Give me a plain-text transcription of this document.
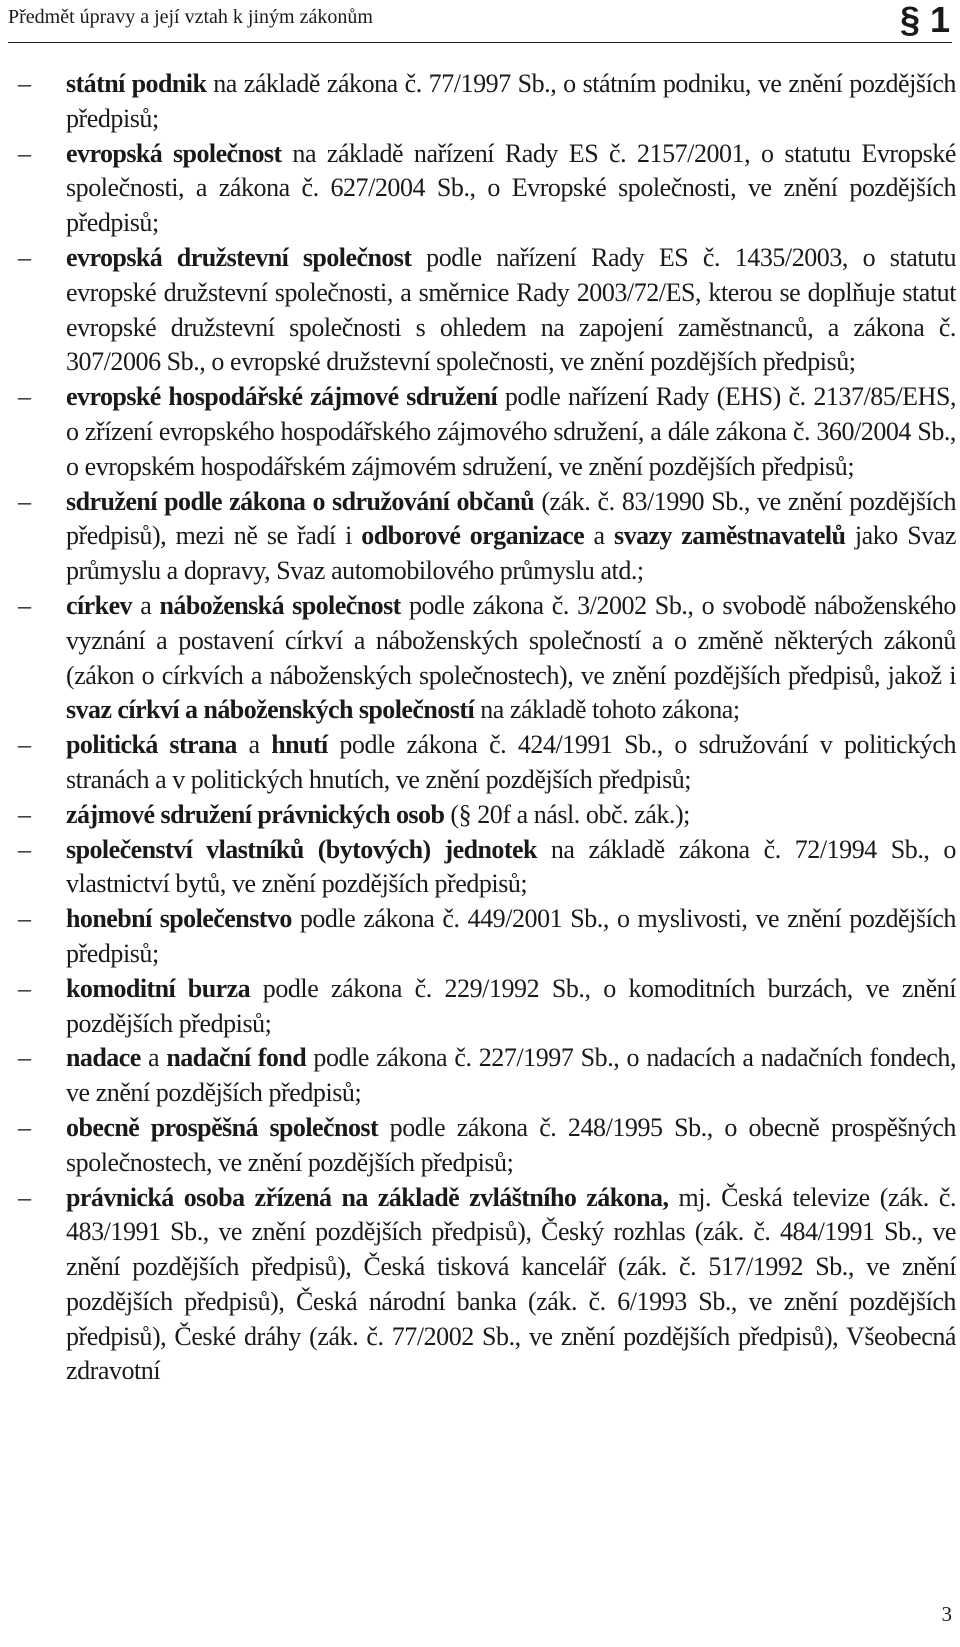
Předmět úpravy a její vztah k jiným zákonům	§ 1
–	státní podnik na základě zákona č. 77/1997 Sb., o státním podniku, ve znění pozdějších předpisů;
–	evropská společnost na základě nařízení Rady ES č. 2157/2001, o statutu Evropské společnosti, a zákona č. 627/2004 Sb., o Evropské společnosti, ve znění pozdějších předpisů;
–	evropská družstevní společnost podle nařízení Rady ES č. 1435/2003, o statutu evropské družstevní společnosti, a směrnice Rady 2003/72/ES, kterou se doplňuje statut evropské družstevní společnosti s ohledem na zapojení zaměstnanců, a zákona č. 307/2006 Sb., o evropské družstevní společnosti, ve znění pozdějších předpisů;
–	evropské hospodářské zájmové sdružení podle nařízení Rady (EHS) č. 2137/85/EHS, o zřízení evropského hospodářského zájmového sdružení, a dále zákona č. 360/2004 Sb., o evropském hospodářském zájmovém sdružení, ve znění pozdějších předpisů;
–	sdružení podle zákona o sdružování občanů (zák. č. 83/1990 Sb., ve znění pozdějších předpisů), mezi ně se řadí i odborové organizace a svazy zaměstnavatelů jako Svaz průmyslu a dopravy, Svaz automobilového průmyslu atd.;
–	církev a náboženská společnost podle zákona č. 3/2002 Sb., o svobodě náboženského vyznání a postavení církví a náboženských společností a o změně některých zákonů (zákon o církvích a náboženských společnostech), ve znění pozdějších předpisů, jakož i svaz církví a náboženských společností na základě tohoto zákona;
–	politická strana a hnutí podle zákona č. 424/1991 Sb., o sdružování v politických stranách a v politických hnutích, ve znění pozdějších předpisů;
–	zájmové sdružení právnických osob (§ 20f a násl. obč. zák.);
–	společenství vlastníků (bytových) jednotek na základě zákona č. 72/1994 Sb., o vlastnictví bytů, ve znění pozdějších předpisů;
–	honební společenstvo podle zákona č. 449/2001 Sb., o myslivosti, ve znění pozdějších předpisů;
–	komoditní burza podle zákona č. 229/1992 Sb., o komoditních burzách, ve znění pozdějších předpisů;
–	nadace a nadační fond podle zákona č. 227/1997 Sb., o nadacích a nadačních fondech, ve znění pozdějších předpisů;
–	obecně prospěšná společnost podle zákona č. 248/1995 Sb., o obecně prospěšných společnostech, ve znění pozdějších předpisů;
–	právnická osoba zřízená na základě zvláštního zákona, mj. Česká televize (zák. č. 483/1991 Sb., ve znění pozdějších předpisů), Český rozhlas (zák. č. 484/1991 Sb., ve znění pozdějších předpisů), Česká tisková kancelář (zák. č. 517/1992 Sb., ve znění pozdějších předpisů), Česká národní banka (zák. č. 6/1993 Sb., ve znění pozdějších předpisů), České dráhy (zák. č. 77/2002 Sb., ve znění pozdějších předpisů), Všeobecná zdravotní
3
